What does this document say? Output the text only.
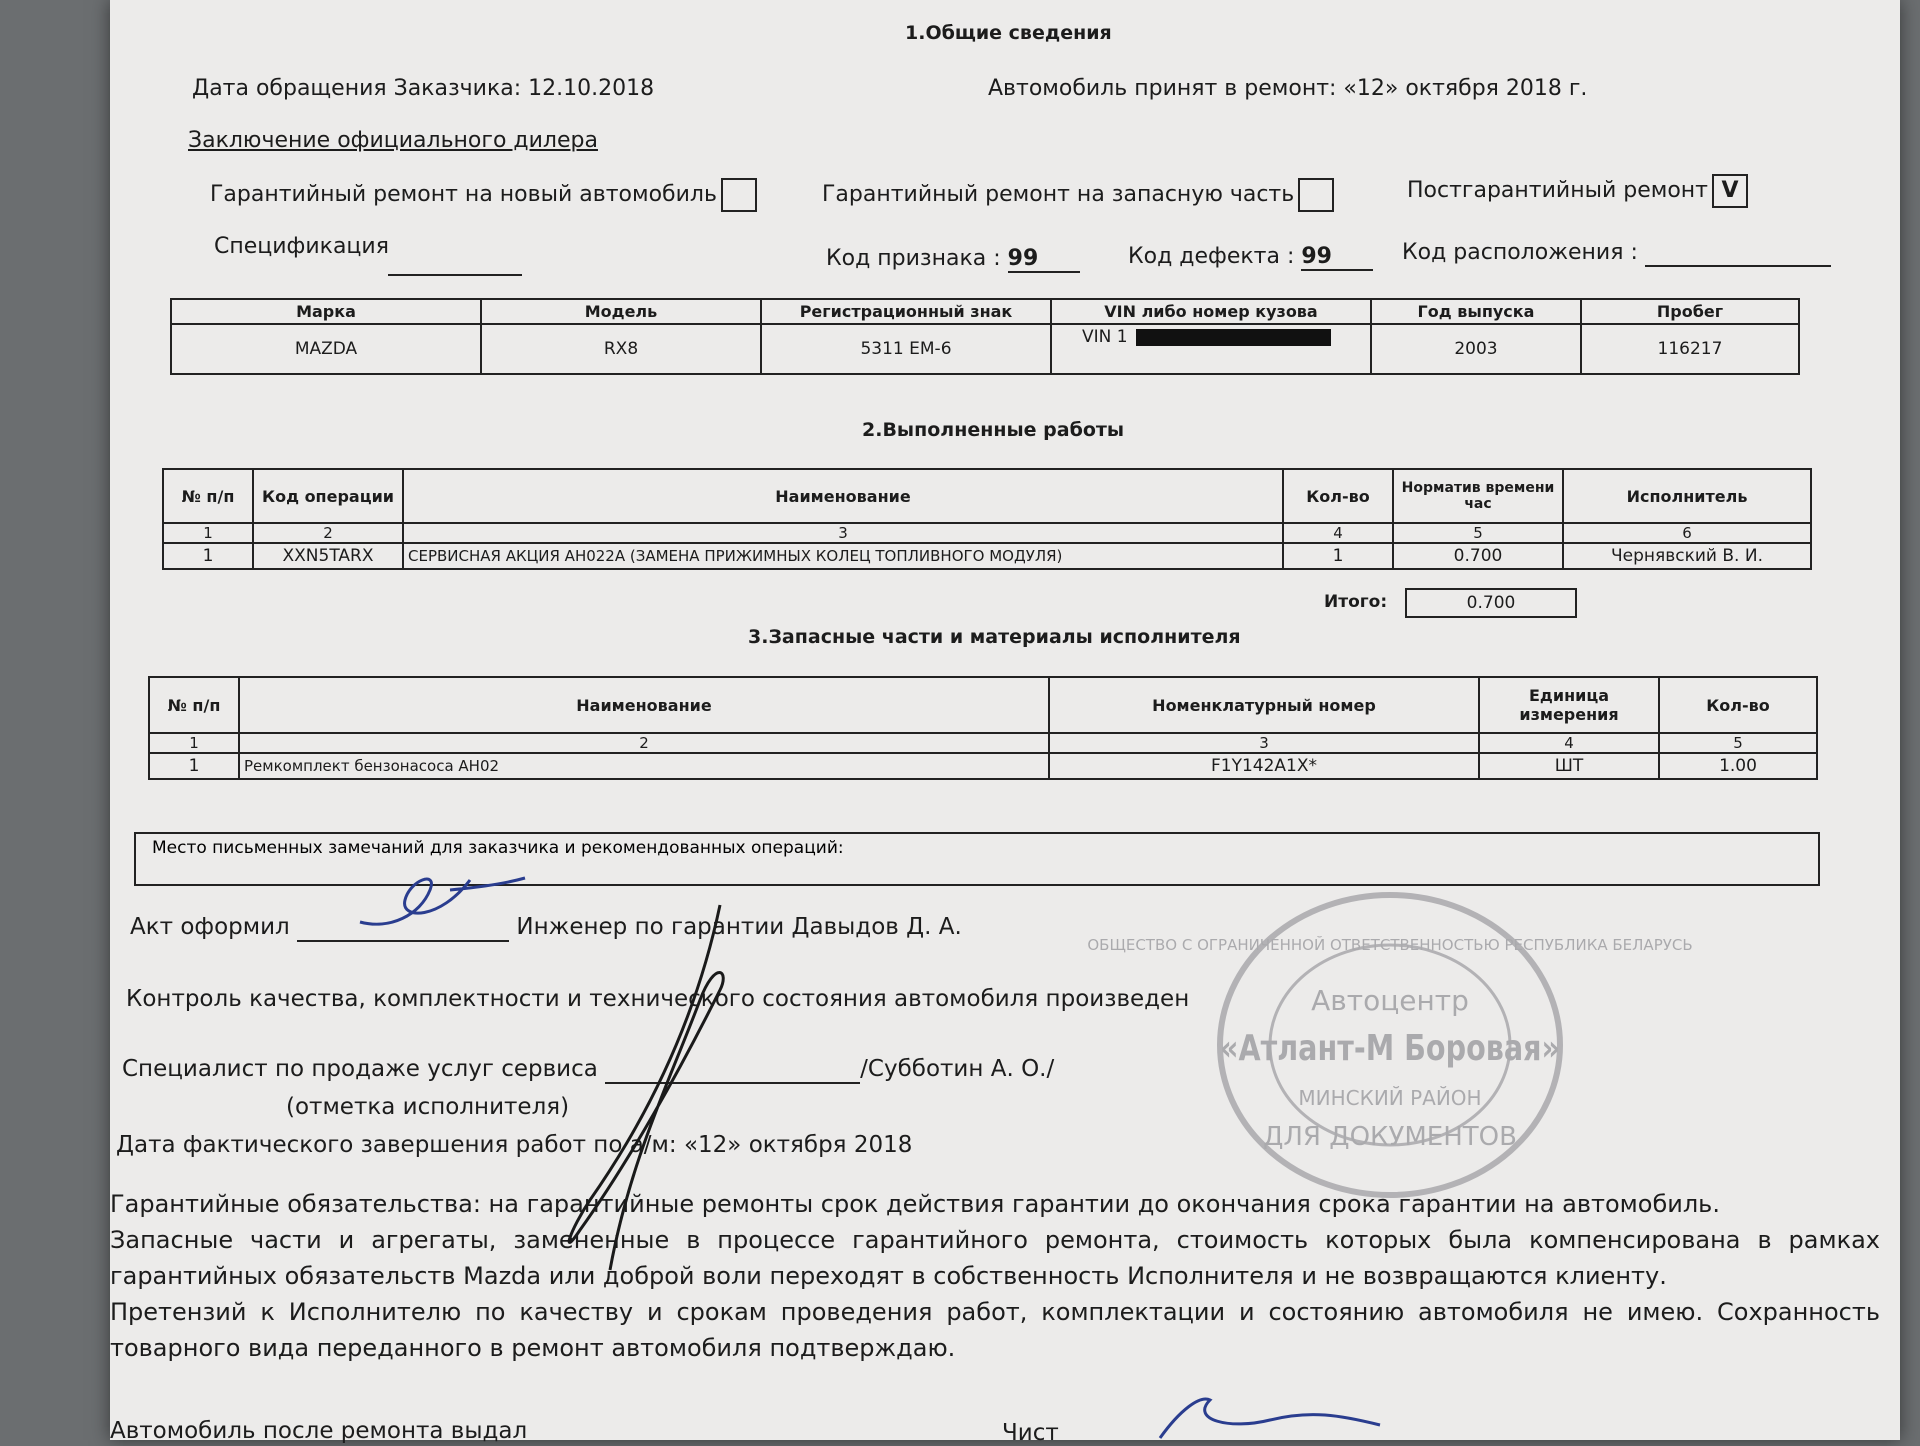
1.Общие сведения
Дата обращения Заказчика: 12.10.2018	Автомобиль принят в ремонт: «12» октября 2018 г.
Заключение официального дилера
Гарантийный ремонт на новый автомобиль	Гарантийный ремонт на запасную часть	Постгарантийный ремонт V
Спецификация	Код признака : 99	Код дефекта : 99	Код расположения :
Марка	Модель	Регистрационный знак	VIN либо номер кузова	Год выпуска	Пробег
MAZDA	RX8	5311 EM-6	VIN 1	2003	116217
2.Выполненные работы
№ п/п	Код операции	Наименование	Кол-во	Норматив времени час	Исполнитель
1	2	3	4	5	6
1	XXN5TARX	СЕРВИСНАЯ АКЦИЯ AH022A (ЗАМЕНА ПРИЖИМНЫХ КОЛЕЦ ТОПЛИВНОГО МОДУЛЯ)	1	0.700	Чернявский В. И.
Итого:	0.700
3.Запасные части и материалы исполнителя
№ п/п	Наименование	Номенклатурный номер	Единица измерения	Кол-во
1	2	3	4	5
1	Ремкомплект бензонасоса AH02	F1Y142A1X*	ШТ	1.00
Место письменных замечаний для заказчика и рекомендованных операций:
Акт оформил	Инженер по гарантии Давыдов Д. А.
Контроль качества, комплектности и технического состояния автомобиля произведен
Специалист по продаже услуг сервиса	/Субботин А. О./
(отметка исполнителя)
Дата фактического завершения работ по а/м: «12» октября 2018
Гарантийные обязательства: на гарантийные ремонты срок действия гарантии до окончания срока гарантии на автомобиль.
Запасные части и агрегаты, замененные в процессе гарантийного ремонта, стоимость которых была компенсирована в рамках гарантийных обязательств Mazda или доброй воли переходят в собственность Исполнителя и не возвращаются клиенту.
Претензий к Исполнителю по качеству и срокам проведения работ, комплектации и состоянию автомобиля не имею. Сохранность товарного вида переданного в ремонт автомобиля подтверждаю.
Автомобиль после ремонта выдал	Чист
ОБЩЕСТВО С ОГРАНИЧЕННОЙ ОТВЕТСТВЕННОСТЬЮ РЕСПУБЛИКА БЕЛАРУСЬ
Автоцентр
«Атлант-М Боровая»
МИНСКИЙ РАЙОН
ДЛЯ ДОКУМЕНТОВ
